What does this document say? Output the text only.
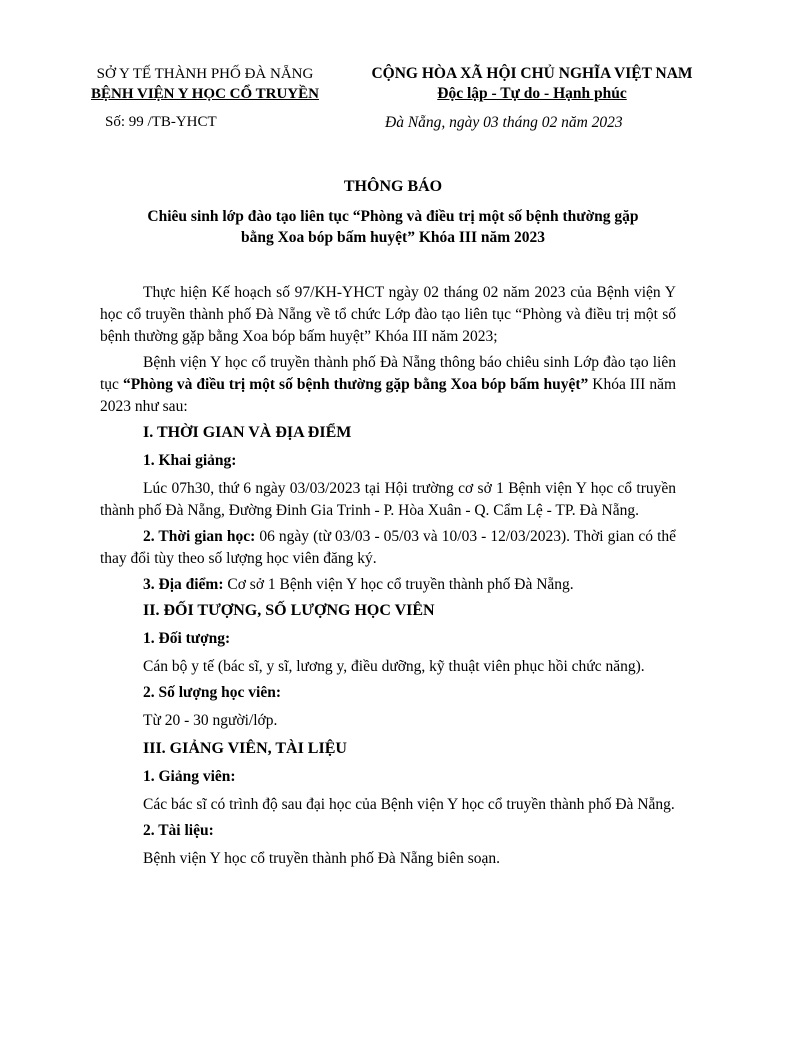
SỞ Y TẾ THÀNH PHỐ ĐÀ NẴNG
BỆNH VIỆN Y HỌC CỔ TRUYỀN
CỘNG HÒA XÃ HỘI CHỦ NGHĨA VIỆT NAM
Độc lập - Tự do - Hạnh phúc
Số: 99 /TB-YHCT	Đà Nẵng, ngày 03 tháng 02 năm 2023
THÔNG BÁO
Chiêu sinh lớp đào tạo liên tục “Phòng và điều trị một số bệnh thường gặp
bằng Xoa bóp bấm huyệt” Khóa III năm 2023

Thực hiện Kế hoạch số 97/KH-YHCT ngày 02 tháng 02 năm 2023 của Bệnh viện Y học cổ truyền thành phố Đà Nẵng về tổ chức Lớp đào tạo liên tục “Phòng và điều trị một số bệnh thường gặp bằng Xoa bóp bấm huyệt” Khóa III năm 2023;

Bệnh viện Y học cổ truyền thành phố Đà Nẵng thông báo chiêu sinh Lớp đào tạo liên tục “Phòng và điều trị một số bệnh thường gặp bằng Xoa bóp bấm huyệt” Khóa III năm 2023 như sau:

I. THỜI GIAN VÀ ĐỊA ĐIỂM

1. Khai giảng:

Lúc 07h30, thứ 6 ngày 03/03/2023 tại Hội trường cơ sở 1 Bệnh viện Y học cổ truyền thành phố Đà Nẵng, Đường Đinh Gia Trinh - P. Hòa Xuân - Q. Cẩm Lệ - TP. Đà Nẵng.

2. Thời gian học: 06 ngày (từ 03/03 - 05/03 và 10/03 - 12/03/2023). Thời gian có thể thay đổi tùy theo số lượng học viên đăng ký.

3. Địa điểm: Cơ sở 1 Bệnh viện Y học cổ truyền thành phố Đà Nẵng.

II. ĐỐI TƯỢNG, SỐ LƯỢNG HỌC VIÊN

1. Đối tượng:

Cán bộ y tế (bác sĩ, y sĩ, lương y, điều dưỡng, kỹ thuật viên phục hồi chức năng).

2. Số lượng học viên:

Từ 20 - 30 người/lớp.

III. GIẢNG VIÊN, TÀI LIỆU

1. Giảng viên:

Các bác sĩ có trình độ sau đại học của Bệnh viện Y học cổ truyền thành phố Đà Nẵng.

2. Tài liệu:

Bệnh viện Y học cổ truyền thành phố Đà Nẵng biên soạn.
